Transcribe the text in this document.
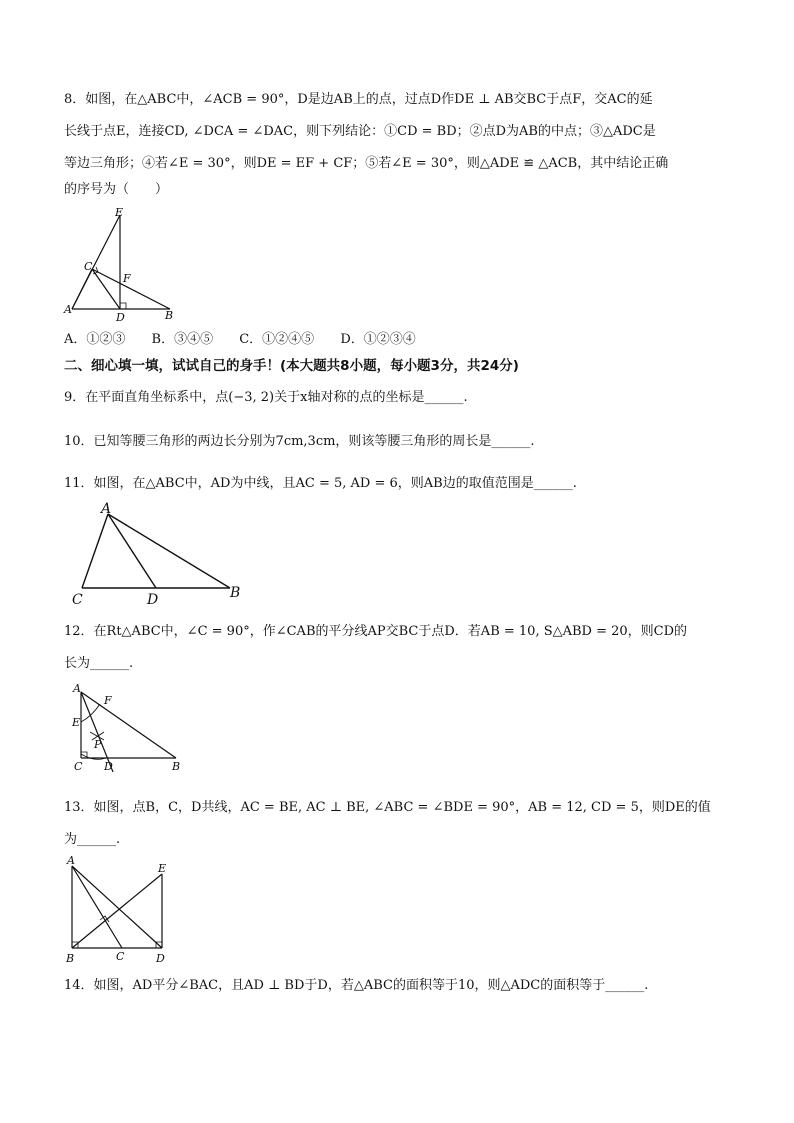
8．如图，在△ABC中，∠ACB = 90°，D是边AB上的点，过点D作DE ⊥ AB交BC于点F，交AC的延
长线于点E，连接CD, ∠DCA = ∠DAC，则下列结论：①CD = BD；②点D为AB的中点；③△ADC是
等边三角形；④若∠E = 30°，则DE = EF + CF；⑤若∠E = 30°，则△ADE ≌ △ACB，其中结论正确
的序号为（　　）
E
C
F
A
D	B
A．①②③ B．③④⑤ C．①②④⑤ D．①②③④
二、细心填一填，试试自己的身手！(本大题共8小题，每小题3分，共24分)
9．在平面直角坐标系中，点(−3, 2)关于x轴对称的点的坐标是______.
10．已知等腰三角形的两边长分别为7cm,3cm，则该等腰三角形的周长是______.
11．如图，在△ABC中，AD为中线，且AC = 5, AD = 6，则AB边的取值范围是______.
A
C	D	B
12．在Rt△ABC中，∠C = 90°，作∠CAB的平分线AP交BC于点D．若AB = 10, S△ABD = 20，则CD的
长为______.
A
F
E
P
C D	B
13．如图，点B，C，D共线，AC = BE, AC ⊥ BE, ∠ABC = ∠BDE = 90°，AB = 12, CD = 5，则DE的值
为______.
A
E
B	C	D
14．如图，AD平分∠BAC，且AD ⊥ BD于D，若△ABC的面积等于10，则△ADC的面积等于______.
